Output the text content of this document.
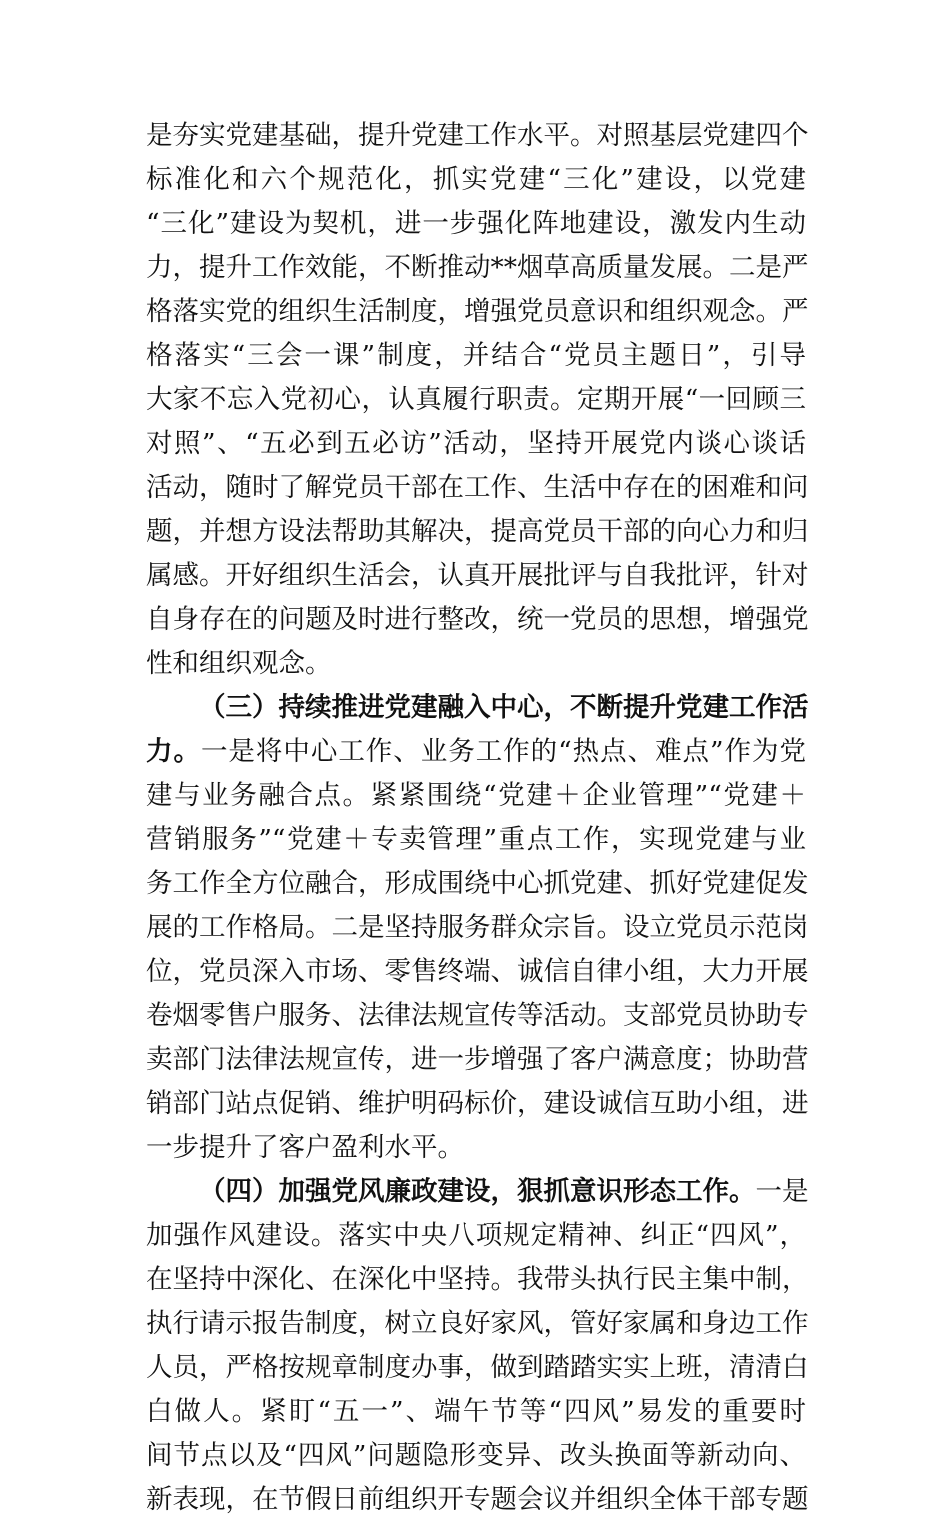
是夯实党建基础，提升党建工作水平。对照基层党建四个
标准化和六个规范化，抓实党建“三化”建设，以党建
“三化”建设为契机，进一步强化阵地建设，激发内生动
力，提升工作效能，不断推动**烟草高质量发展。二是严
格落实党的组织生活制度，增强党员意识和组织观念。严
格落实“三会一课”制度，并结合“党员主题日”，引导
大家不忘入党初心，认真履行职责。定期开展“一回顾三
对照”、“五必到五必访”活动，坚持开展党内谈心谈话
活动，随时了解党员干部在工作、生活中存在的困难和问
题，并想方设法帮助其解决，提高党员干部的向心力和归
属感。开好组织生活会，认真开展批评与自我批评，针对
自身存在的问题及时进行整改，统一党员的思想，增强党
性和组织观念。
（三）持续推进党建融入中心，不断提升党建工作活
力。一是将中心工作、业务工作的“热点、难点”作为党
建与业务融合点。紧紧围绕“党建＋企业管理”“党建＋
营销服务”“党建＋专卖管理”重点工作，实现党建与业
务工作全方位融合，形成围绕中心抓党建、抓好党建促发
展的工作格局。二是坚持服务群众宗旨。设立党员示范岗
位，党员深入市场、零售终端、诚信自律小组，大力开展
卷烟零售户服务、法律法规宣传等活动。支部党员协助专
卖部门法律法规宣传，进一步增强了客户满意度；协助营
销部门站点促销、维护明码标价，建设诚信互助小组，进
一步提升了客户盈利水平。
（四）加强党风廉政建设，狠抓意识形态工作。一是
加强作风建设。落实中央八项规定精神、纠正“四风”，
在坚持中深化、在深化中坚持。我带头执行民主集中制，
执行请示报告制度，树立良好家风，管好家属和身边工作
人员，严格按规章制度办事，做到踏踏实实上班，清清白
白做人。紧盯“五一”、端午节等“四风”易发的重要时
间节点以及“四风”问题隐形变异、改头换面等新动向、
新表现，在节假日前组织开专题会议并组织全体干部专题
